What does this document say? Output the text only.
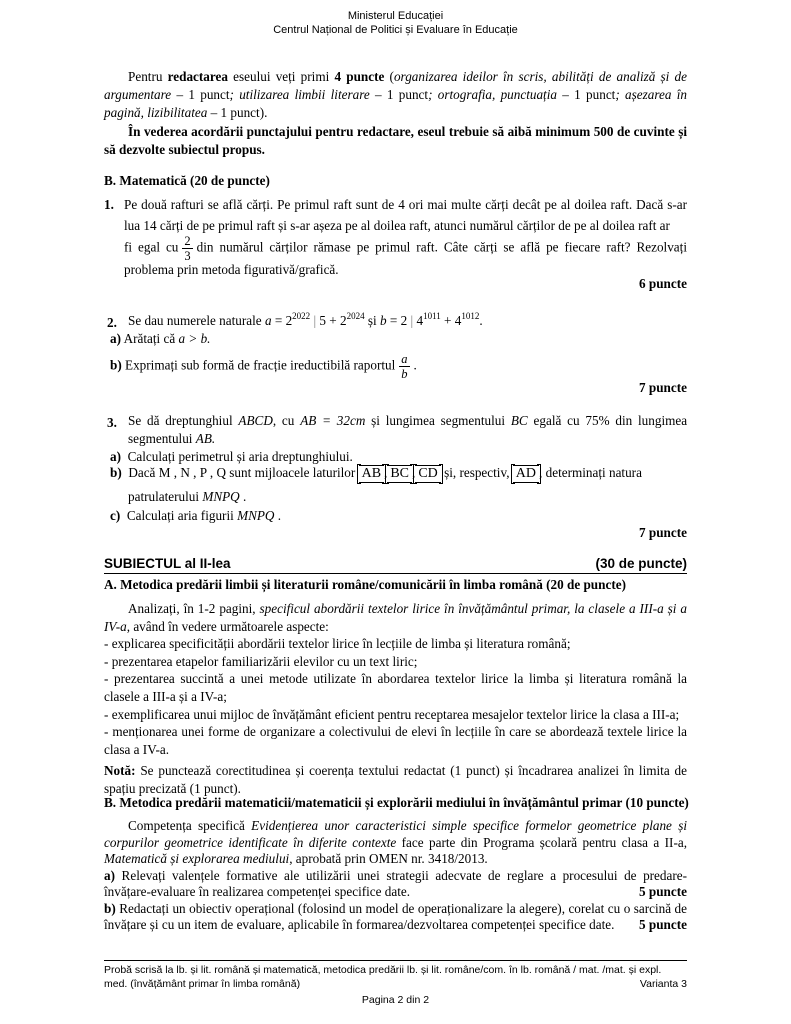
Ministerul Educației
Centrul Național de Politici și Evaluare în Educație

Pentru redactarea eseului veți primi 4 puncte (organizarea ideilor în scris, abilități de analiză și de argumentare – 1 punct; utilizarea limbii literare – 1 punct; ortografia, punctuația – 1 punct; așezarea în pagină, lizibilitatea – 1 punct).

În vederea acordării punctajului pentru redactare, eseul trebuie să aibă minimum 500 de cuvinte și să dezvolte subiectul propus.

B. Matematică (20 de puncte)

1. Pe două rafturi se află cărți. Pe primul raft sunt de 4 ori mai multe cărți decât pe al doilea raft. Dacă s-ar lua 14 cărți de pe primul raft și s-ar așeza pe al doilea raft, atunci numărul cărților de pe al doilea raft ar

fi egal cu $\frac{2}{3}$ din numărul cărților rămase pe primul raft. Câte cărți se află pe fiecare raft? Rezolvați

problema prin metoda figurativă/grafică.

6 puncte
2. Se dau numerele naturale $a = 2^{2022}$ | $5 + 2^{2024}$ și b = 2 | $4^{1011} + 4^{1012}$.

a) Arătați că a > b.

b) Exprimați sub formă de fracție ireductibilă raportul $\frac{a}{b}$ .

7 puncte
3. Se dă dreptunghiul ABCD, cu AB = 32cm și lungimea segmentului BC egală cu 75% din lungimea

segmentului AB.

a) Calculați perimetrul și aria dreptunghiului.

b) Dacă M , N , P , Q sunt mijloacele laturilor AB , BC , CD și, respectiv, AD , determinați natura

patrulaterului MNPQ .

c) Calculați aria figurii MNPQ .

7 puncte
SUBIECTUL al II-lea	(30 de puncte)

A. Metodica predării limbii și literaturii române/comunicării în limba română (20 de puncte)

Analizați, în 1-2 pagini, specificul abordării textelor lirice în învățământul primar, la clasele a III-a și a IV-a, având în vedere următoarele aspecte:

- explicarea specificității abordării textelor lirice în lecțiile de limba și literatura română;

- prezentarea etapelor familiarizării elevilor cu un text liric;

- prezentarea succintă a unei metode utilizate în abordarea textelor lirice la limba și literatura română la clasele a III-a și a IV-a;

- exemplificarea unui mijloc de învățământ eficient pentru receptarea mesajelor textelor lirice la clasa a III-a;

- menționarea unei forme de organizare a colectivului de elevi în lecțiile în care se abordează textele lirice la clasa a IV-a.

Notă: Se punctează corectitudinea și coerența textului redactat (1 punct) și încadrarea analizei în limita de spațiu precizată (1 punct).

B. Metodica predării matematicii/matematicii și explorării mediului în învățământul primar (10 puncte)

Competența specifică Evidențierea unor caracteristici simple specifice formelor geometrice plane și corpurilor geometrice identificate în diferite contexte face parte din Programa școlară pentru clasa a II-a, Matematică și explorarea mediului, aprobată prin OMEN nr. 3418/2013.

a) Relevați valențele formative ale utilizării unei strategii adecvate de reglare a procesului de predare-învățare-evaluare în realizarea competenței specifice date.	5 puncte

b) Redactați un obiectiv operațional (folosind un model de operaționalizare la alegere), corelat cu o sarcină de învățare și cu un item de evaluare, aplicabile în formarea/dezvoltarea competenței specifice date.	5 puncte

Probă scrisă la lb. și lit. română și matematică, metodica predării lb. și lit. române/com. în lb. română / mat. /mat. și expl.
med. (învățământ primar în limba română)	Varianta 3
Pagina 2 din 2
